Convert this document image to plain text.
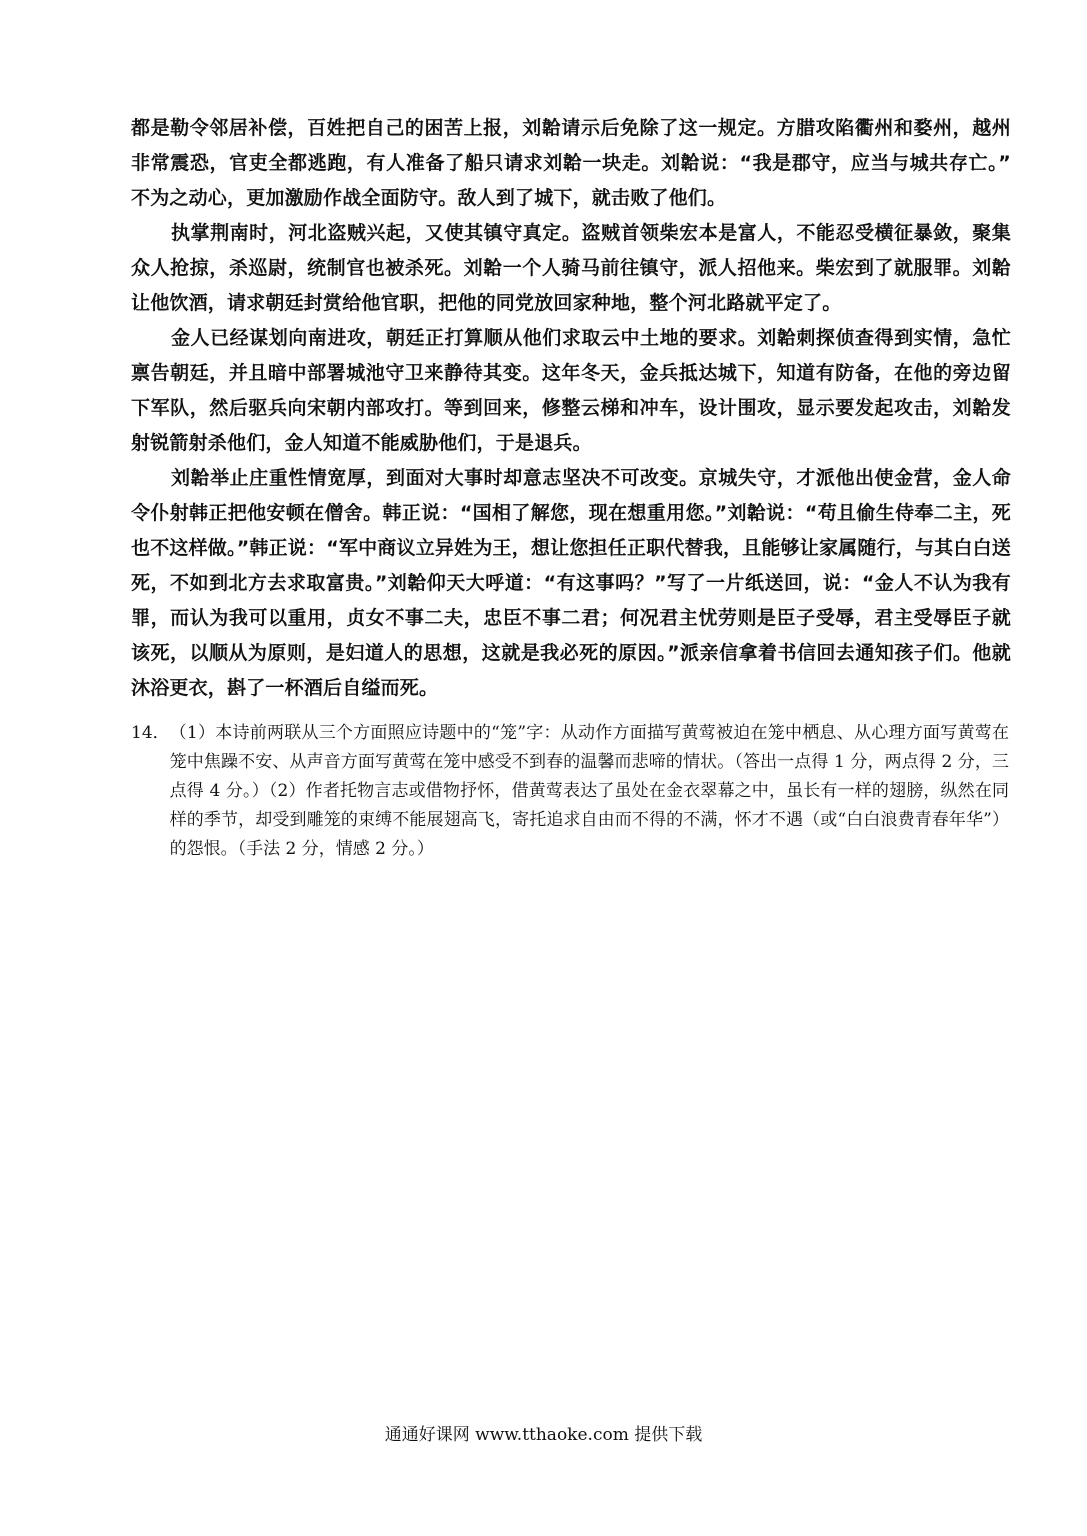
都是勒令邻居补偿，百姓把自己的困苦上报，刘韐请示后免除了这一规定。方腊攻陷衢州和婺州，越州非常震恐，官吏全都逃跑，有人准备了船只请求刘韐一块走。刘韐说：“我是郡守，应当与城共存亡。” 不为之动心，更加激励作战全面防守。敌人到了城下，就击败了他们。

执掌荆南时，河北盗贼兴起，又使其镇守真定。盗贼首领柴宏本是富人，不能忍受横征暴敛，聚集众人抢掠，杀巡尉，统制官也被杀死。刘韐一个人骑马前往镇守，派人招他来。柴宏到了就服罪。刘韐让他饮酒，请求朝廷封赏给他官职，把他的同党放回家种地，整个河北路就平定了。

金人已经谋划向南进攻，朝廷正打算顺从他们求取云中土地的要求。刘韐刺探侦查得到实情，急忙禀告朝廷，并且暗中部署城池守卫来静待其变。这年冬天，金兵抵达城下，知道有防备，在他的旁边留下军队，然后驱兵向宋朝内部攻打。等到回来，修整云梯和冲车，设计围攻，显示要发起攻击，刘韐发射锐箭射杀他们，金人知道不能威胁他们，于是退兵。

刘韐举止庄重性情宽厚，到面对大事时却意志坚决不可改变。京城失守，才派他出使金营，金人命令仆射韩正把他安顿在僧舍。韩正说：“国相了解您，现在想重用您。”刘韐说：“苟且偷生侍奉二主，死也不这样做。”韩正说：“军中商议立异姓为王，想让您担任正职代替我，且能够让家属随行，与其白白送死，不如到北方去求取富贵。”刘韐仰天大呼道：“有这事吗？”写了一片纸送回，说：“金人不认为我有罪，而认为我可以重用，贞女不事二夫，忠臣不事二君；何况君主忧劳则是臣子受辱，君主受辱臣子就该死，以顺从为原则，是妇道人的思想，这就是我必死的原因。”派亲信拿着书信回去通知孩子们。他就沐浴更衣，斟了一杯酒后自缢而死。

14． （1）本诗前两联从三个方面照应诗题中的“笼”字：从动作方面描写黄莺被迫在笼中栖息、从心理方面写黄莺在笼中焦躁不安、从声音方面写黄莺在笼中感受不到春的温馨而悲啼的情状。（答出一点得 1 分，两点得 2 分，三点得 4 分。）（2）作者托物言志或借物抒怀，借黄莺表达了虽处在金衣翠幕之中，虽长有一样的翅膀，纵然在同样的季节，却受到雕笼的束缚不能展翅高飞，寄托追求自由而不得的不满，怀才不遇（或“白白浪费青春年华”）的怨恨。（手法 2 分，情感 2 分。）
通通好课网 www.tthaoke.com 提供下载
